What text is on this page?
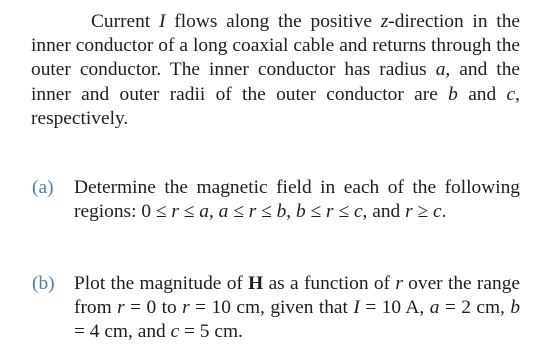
Current I flows along the positive z-direction in the inner conductor of a long coaxial cable and returns through the outer conductor. The inner conductor has radius a, and the inner and outer radii of the outer conductor are b and c, respectively.

(a) Determine the magnetic field in each of the following regions: 0 ≤ r ≤ a, a ≤ r ≤ b, b ≤ r ≤ c, and r ≥ c.
(b) Plot the magnitude of H as a function of r over the range from r = 0 to r = 10 cm, given that I = 10 A, a = 2 cm, b = 4 cm, and c = 5 cm.
